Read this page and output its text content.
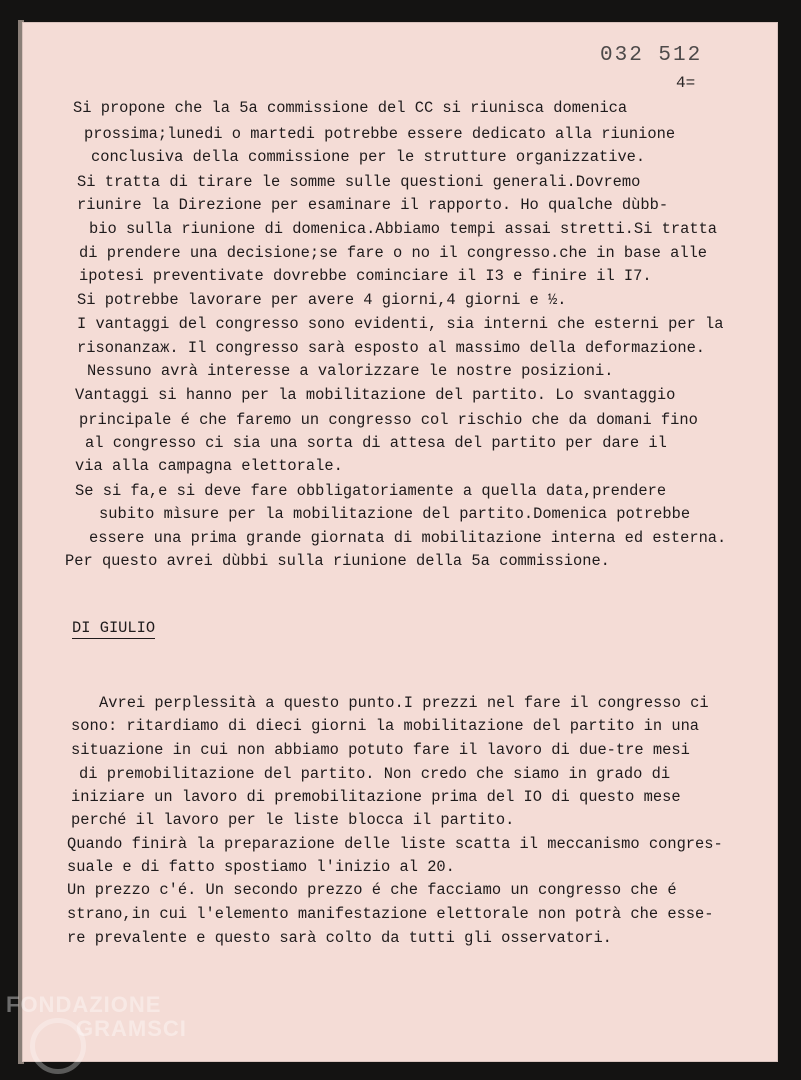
032 512
4=

Si propone che la 5a commissione del CC si riunisca domenica
prossima;lunedi o martedi potrebbe essere dedicato alla riunione
conclusiva della commissione per le strutture organizzative.
Si tratta di tirare le somme sulle questioni generali.Dovremo
riunire la Direzione per esaminare il rapporto. Ho qualche dùbb-
bio sulla riunione di domenica.Abbiamo tempi assai stretti.Si tratta
di prendere una decisione;se fare o no il congresso.che in base alle
ipotesi preventivate dovrebbe cominciare il I3 e finire il I7.
Si potrebbe lavorare per avere 4 giorni,4 giorni e ½.
I vantaggi del congresso sono evidenti, sia interni che esterni per la
risonanzaж. Il congresso sarà esposto al massimo della deformazione.
Nessuno avrà interesse a valorizzare le nostre posizioni.
Vantaggi si hanno per la mobilitazione del partito. Lo svantaggio
principale é che faremo un congresso col rischio che da domani fino
al congresso ci sia una sorta di attesa del partito per dare il
via alla campagna elettorale.
Se si fa,e si deve fare obbligatoriamente a quella data,prendere
subito mìsure per la mobilitazione del partito.Domenica potrebbe
essere una prima grande giornata di mobilitazione interna ed esterna.
Per questo avrei dùbbi sulla riunione della 5a commissione.
DI GIULIO
Avrei perplessità a questo punto.I prezzi nel fare il congresso ci
sono: ritardiamo di dieci giorni la mobilitazione del partito in una
situazione in cui non abbiamo potuto fare il lavoro di due-tre mesi
di premobilitazione del partito. Non credo che siamo in grado di
iniziare un lavoro di premobilitazione prima del IO di questo mese
perché il lavoro per le liste blocca il partito.
Quando finirà la preparazione delle liste scatta il meccanismo congres-
suale e di fatto spostiamo l'inizio al 20.
Un prezzo c'é. Un secondo prezzo é che facciamo un congresso che é
strano,in cui l'elemento manifestazione elettorale non potrà che esse-
re prevalente e questo sarà colto da tutti gli osservatori.
FONDAZIONE
GRAMSCI
